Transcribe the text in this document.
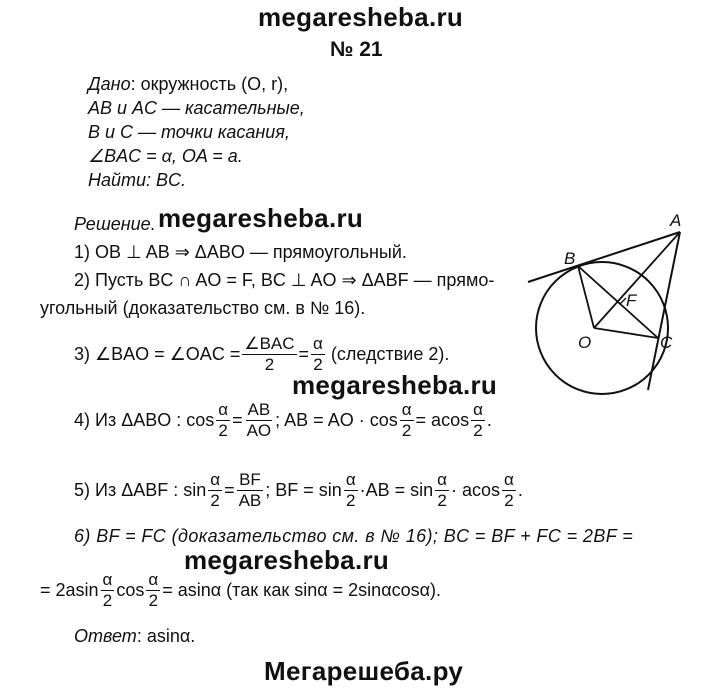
megaresheba.ru
№ 21
Дано: окружность (O, r),
AB и AC — касательные,
B и C — точки касания,
∠BAC = α, OA = a.
Найти: BC.
Решение. megaresheba.ru
1) OB ⊥ AB ⇒ ΔABO — прямоугольный.
2) Пусть BC ∩ AO = F, BC ⊥ AO ⇒ ΔABF — прямо-
угольный (доказательство см. в № 16).
3) ∠BAO = ∠OAC = $\frac{\text{∠BAC}}{2} = \frac{\alpha}{2}$ (следствие 2).
megaresheba.ru
4) Из ΔABO : $\cos \frac{\alpha}{2} = \frac{AB}{AO}$ ; AB = AO · $\cos \frac{\alpha}{2} = acos \frac{\alpha}{2}$ .
5) Из ΔABF : $\sin \frac{\alpha}{2} = \frac{BF}{AB}$ ; BF = $\sin \frac{\alpha}{2} \cdot AB = \sin \frac{\alpha}{2} \cdot acos \frac{\alpha}{2}$ .
6) BF = FC (доказательство см. в № 16); BC = BF + FC = 2BF =
megaresheba.ru
= $2asin \frac{\alpha}{2}$ $\cos \frac{\alpha}{2} = asin\alpha$ (так как sinα = 2sinαcosα).
Ответ: asinα.
Мегарешеба.ру
A
B
C
O
F
